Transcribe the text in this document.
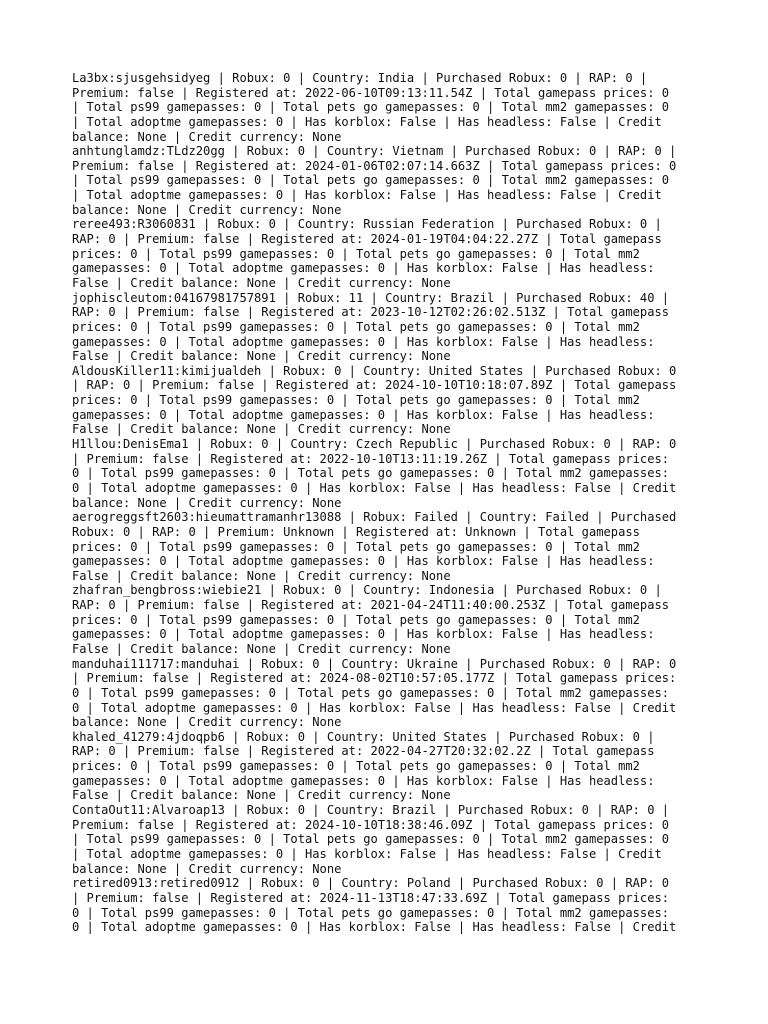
La3bx:sjusgehsidyeg | Robux: 0 | Country: India | Purchased Robux: 0 | RAP: 0 |
Premium: false | Registered at: 2022-06-10T09:13:11.54Z | Total gamepass prices: 0
| Total ps99 gamepasses: 0 | Total pets go gamepasses: 0 | Total mm2 gamepasses: 0
| Total adoptme gamepasses: 0 | Has korblox: False | Has headless: False | Credit
balance: None | Credit currency: None
anhtunglamdz:TLdz20gg | Robux: 0 | Country: Vietnam | Purchased Robux: 0 | RAP: 0 |
Premium: false | Registered at: 2024-01-06T02:07:14.663Z | Total gamepass prices: 0
| Total ps99 gamepasses: 0 | Total pets go gamepasses: 0 | Total mm2 gamepasses: 0
| Total adoptme gamepasses: 0 | Has korblox: False | Has headless: False | Credit
balance: None | Credit currency: None
reree493:R3060831 | Robux: 0 | Country: Russian Federation | Purchased Robux: 0 |
RAP: 0 | Premium: false | Registered at: 2024-01-19T04:04:22.27Z | Total gamepass
prices: 0 | Total ps99 gamepasses: 0 | Total pets go gamepasses: 0 | Total mm2
gamepasses: 0 | Total adoptme gamepasses: 0 | Has korblox: False | Has headless:
False | Credit balance: None | Credit currency: None
jophiscleutom:04167981757891 | Robux: 11 | Country: Brazil | Purchased Robux: 40 |
RAP: 0 | Premium: false | Registered at: 2023-10-12T02:26:02.513Z | Total gamepass
prices: 0 | Total ps99 gamepasses: 0 | Total pets go gamepasses: 0 | Total mm2
gamepasses: 0 | Total adoptme gamepasses: 0 | Has korblox: False | Has headless:
False | Credit balance: None | Credit currency: None
AldousKiller11:kimijualdeh | Robux: 0 | Country: United States | Purchased Robux: 0
| RAP: 0 | Premium: false | Registered at: 2024-10-10T10:18:07.89Z | Total gamepass
prices: 0 | Total ps99 gamepasses: 0 | Total pets go gamepasses: 0 | Total mm2
gamepasses: 0 | Total adoptme gamepasses: 0 | Has korblox: False | Has headless:
False | Credit balance: None | Credit currency: None
H1llou:DenisEma1 | Robux: 0 | Country: Czech Republic | Purchased Robux: 0 | RAP: 0
| Premium: false | Registered at: 2022-10-10T13:11:19.26Z | Total gamepass prices:
0 | Total ps99 gamepasses: 0 | Total pets go gamepasses: 0 | Total mm2 gamepasses:
0 | Total adoptme gamepasses: 0 | Has korblox: False | Has headless: False | Credit
balance: None | Credit currency: None
aerogreggsft2603:hieumattramanhr13088 | Robux: Failed | Country: Failed | Purchased
Robux: 0 | RAP: 0 | Premium: Unknown | Registered at: Unknown | Total gamepass
prices: 0 | Total ps99 gamepasses: 0 | Total pets go gamepasses: 0 | Total mm2
gamepasses: 0 | Total adoptme gamepasses: 0 | Has korblox: False | Has headless:
False | Credit balance: None | Credit currency: None
zhafran_bengbross:wiebie21 | Robux: 0 | Country: Indonesia | Purchased Robux: 0 |
RAP: 0 | Premium: false | Registered at: 2021-04-24T11:40:00.253Z | Total gamepass
prices: 0 | Total ps99 gamepasses: 0 | Total pets go gamepasses: 0 | Total mm2
gamepasses: 0 | Total adoptme gamepasses: 0 | Has korblox: False | Has headless:
False | Credit balance: None | Credit currency: None
manduhai111717:manduhai | Robux: 0 | Country: Ukraine | Purchased Robux: 0 | RAP: 0
| Premium: false | Registered at: 2024-08-02T10:57:05.177Z | Total gamepass prices:
0 | Total ps99 gamepasses: 0 | Total pets go gamepasses: 0 | Total mm2 gamepasses:
0 | Total adoptme gamepasses: 0 | Has korblox: False | Has headless: False | Credit
balance: None | Credit currency: None
khaled_41279:4jdoqpb6 | Robux: 0 | Country: United States | Purchased Robux: 0 |
RAP: 0 | Premium: false | Registered at: 2022-04-27T20:32:02.2Z | Total gamepass
prices: 0 | Total ps99 gamepasses: 0 | Total pets go gamepasses: 0 | Total mm2
gamepasses: 0 | Total adoptme gamepasses: 0 | Has korblox: False | Has headless:
False | Credit balance: None | Credit currency: None
ContaOut11:Alvaroap13 | Robux: 0 | Country: Brazil | Purchased Robux: 0 | RAP: 0 |
Premium: false | Registered at: 2024-10-10T18:38:46.09Z | Total gamepass prices: 0
| Total ps99 gamepasses: 0 | Total pets go gamepasses: 0 | Total mm2 gamepasses: 0
| Total adoptme gamepasses: 0 | Has korblox: False | Has headless: False | Credit
balance: None | Credit currency: None
retired0913:retired0912 | Robux: 0 | Country: Poland | Purchased Robux: 0 | RAP: 0
| Premium: false | Registered at: 2024-11-13T18:47:33.69Z | Total gamepass prices:
0 | Total ps99 gamepasses: 0 | Total pets go gamepasses: 0 | Total mm2 gamepasses:
0 | Total adoptme gamepasses: 0 | Has korblox: False | Has headless: False | Credit
